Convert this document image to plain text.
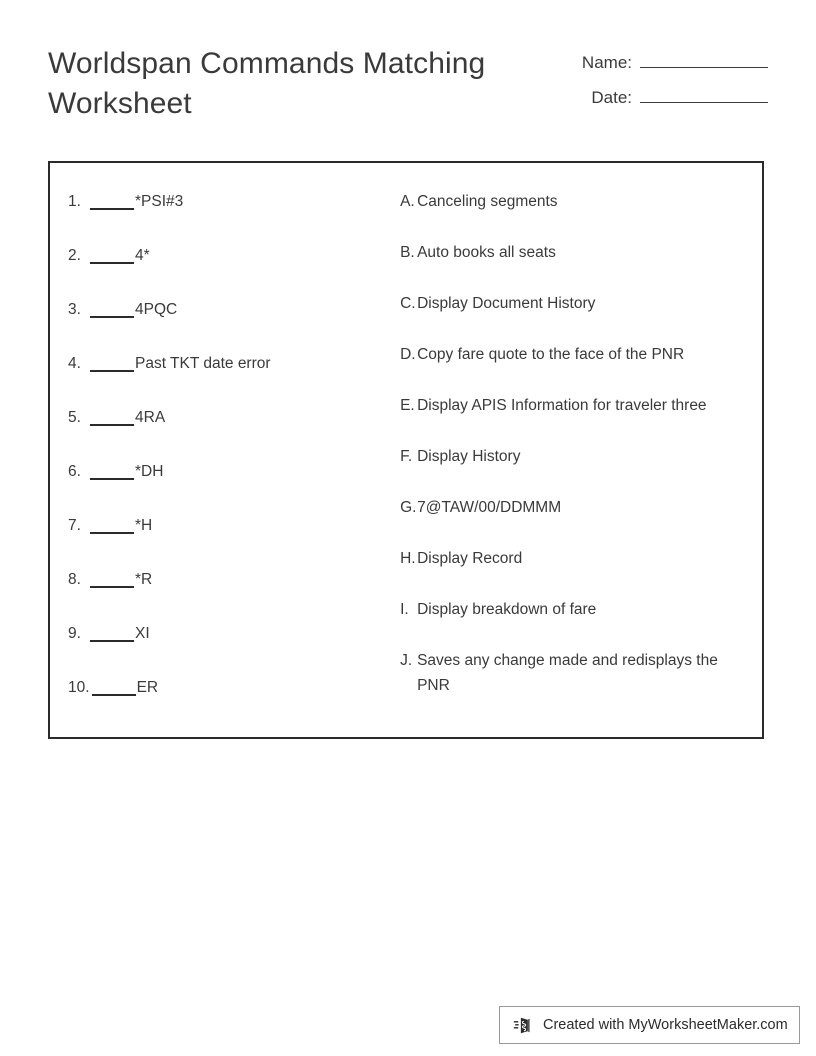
Worldspan Commands Matching Worksheet
Name:
Date:
1.	*PSI#3
2.	4*
3.	4PQC
4.	Past TKT date error
5.	4RA
6.	*DH
7.	*H
8.	*R
9.	XI
10.	ER
A. Canceling segments
B. Auto books all seats
C. Display Document History
D. Copy fare quote to the face of the PNR
E. Display APIS Information for traveler three
F. Display History
G. 7@TAW/00/DDMMM
H. Display Record
I. Display breakdown of fare
J. Saves any change made and redisplays the PNR
Created with MyWorksheetMaker.com
